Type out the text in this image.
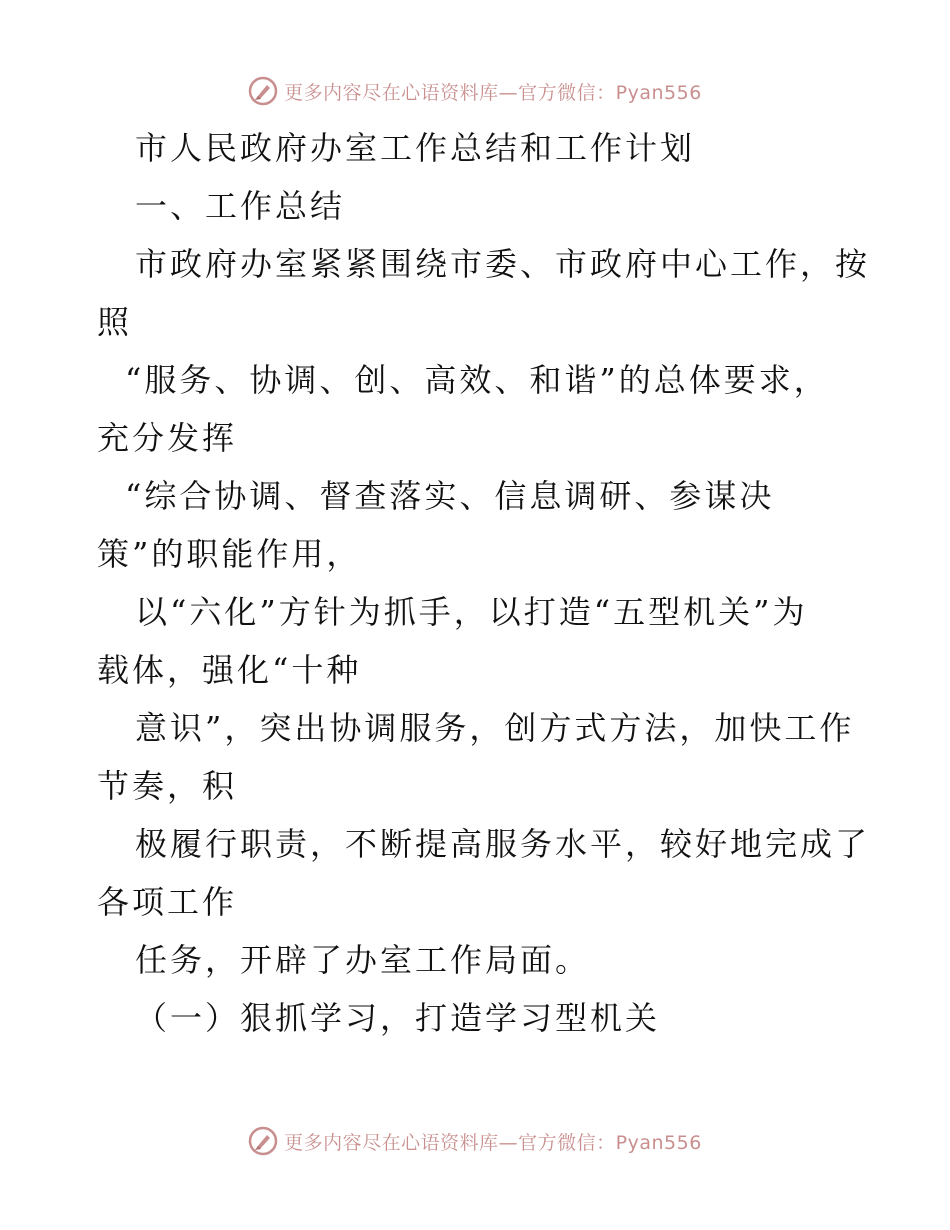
更多内容尽在心语资料库—官方微信：Pyan556
市人民政府办室工作总结和工作计划
一、工作总结
市政府办室紧紧围绕市委、市政府中心工作，按
照
“服务、协调、创、高效、和谐”的总体要求，
充分发挥
“综合协调、督查落实、信息调研、参谋决
策”的职能作用，
以“六化”方针为抓手，以打造“五型机关”为
载体，强化“十种
意识”，突出协调服务，创方式方法，加快工作
节奏，积
极履行职责，不断提高服务水平，较好地完成了
各项工作
任务，开辟了办室工作局面。
（一）狠抓学习，打造学习型机关
更多内容尽在心语资料库—官方微信：Pyan556
